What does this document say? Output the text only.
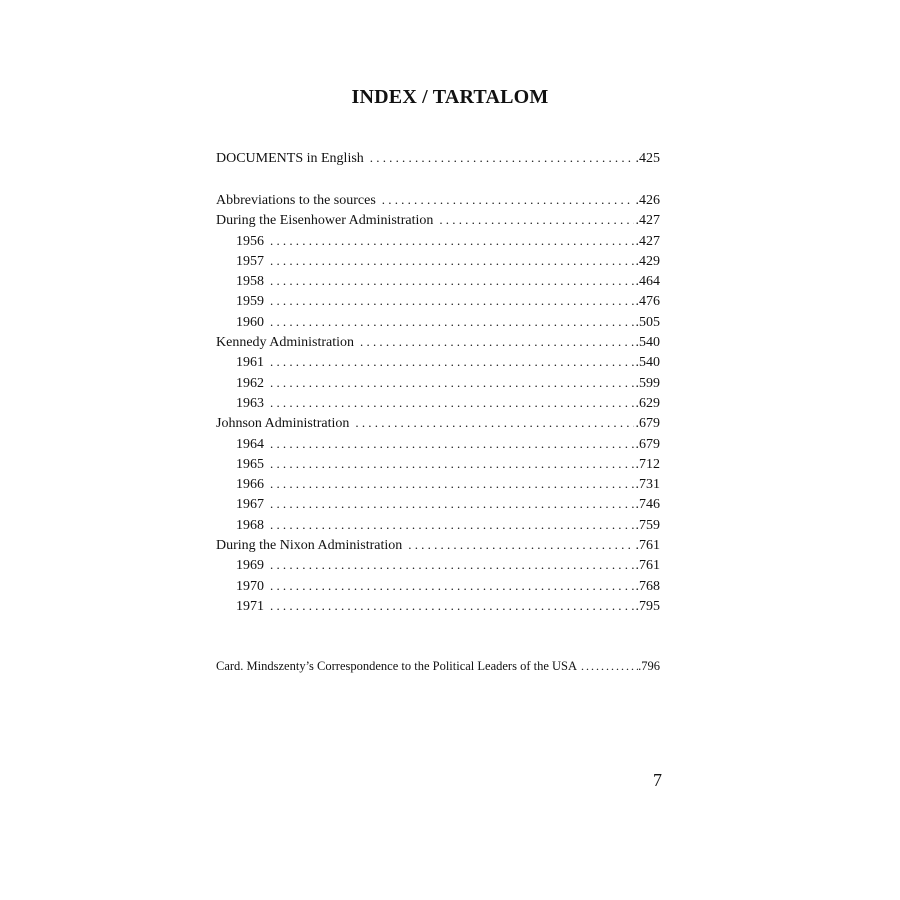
INDEX / TARTALOM
DOCUMENTS in English .....	.425
Abbreviations to the sources .....	.426
During the Eisenhower Administration .....	.427
1956 .....	.427
1957 .....	.429
1958 .....	.464
1959 .....	.476
1960 .....	.505
Kennedy Administration .....	.540
1961 .....	.540
1962 .....	.599
1963 .....	.629
Johnson Administration .....	.679
1964 .....	.679
1965 .....	.712
1966 .....	.731
1967 .....	.746
1968 .....	.759
During the Nixon Administration .....	.761
1969 .....	.761
1970 .....	.768
1971 .....	.795
Card. Mindszenty’s Correspondence to the Political Leaders of the USA .....	.796
7
